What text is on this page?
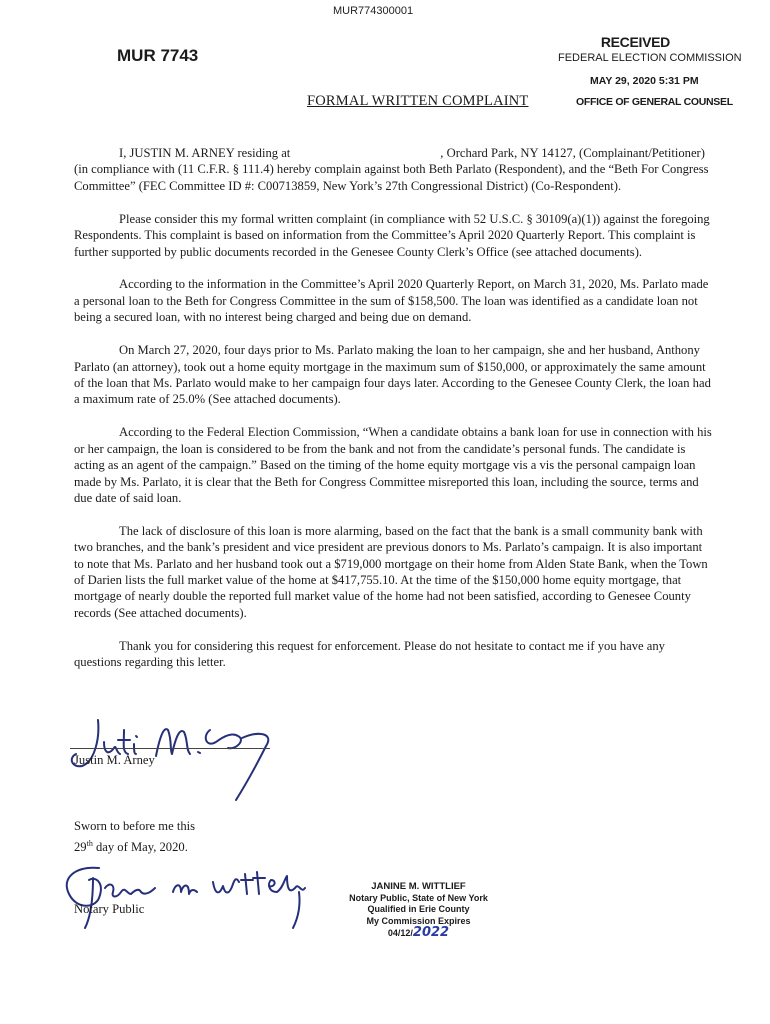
MUR774300001
RECEIVED
FEDERAL ELECTION COMMISSION
MAY 29, 2020 5:31 PM
OFFICE OF GENERAL COUNSEL
MUR 7743
FORMAL WRITTEN COMPLAINT

I, JUSTIN M. ARNEY residing at	, Orchard Park, NY 14127, (Complainant/Petitioner) (in compliance with (11 C.F.R. § 111.4) hereby complain against both Beth Parlato (Respondent), and the “Beth For Congress Committee” (FEC Committee ID #: C00713859, New York’s 27th Congressional District) (Co-Respondent).

Please consider this my formal written complaint (in compliance with 52 U.S.C. § 30109(a)(1)) against the foregoing Respondents. This complaint is based on information from the Committee’s April 2020 Quarterly Report. This complaint is further supported by public documents recorded in the Genesee County Clerk’s Office (see attached documents).

According to the information in the Committee’s April 2020 Quarterly Report, on March 31, 2020, Ms. Parlato made a personal loan to the Beth for Congress Committee in the sum of $158,500. The loan was identified as a candidate loan not being a secured loan, with no interest being charged and being due on demand.

On March 27, 2020, four days prior to Ms. Parlato making the loan to her campaign, she and her husband, Anthony Parlato (an attorney), took out a home equity mortgage in the maximum sum of $150,000, or approximately the same amount of the loan that Ms. Parlato would make to her campaign four days later. According to the Genesee County Clerk, the loan had a maximum rate of 25.0% (See attached documents).

According to the Federal Election Commission, “When a candidate obtains a bank loan for use in connection with his or her campaign, the loan is considered to be from the bank and not from the candidate’s personal funds. The candidate is acting as an agent of the campaign.” Based on the timing of the home equity mortgage vis a vis the personal campaign loan made by Ms. Parlato, it is clear that the Beth for Congress Committee misreported this loan, including the source, terms and due date of said loan.

The lack of disclosure of this loan is more alarming, based on the fact that the bank is a small community bank with two branches, and the bank’s president and vice president are previous donors to Ms. Parlato’s campaign. It is also important to note that Ms. Parlato and her husband took out a $719,000 mortgage on their home from Alden State Bank, when the Town of Darien lists the full market value of the home at $417,755.10. At the time of the $150,000 home equity mortgage, that mortgage of nearly double the reported full market value of the home had not been satisfied, according to Genesee County records (See attached documents).

Thank you for considering this request for enforcement. Please do not hesitate to contact me if you have any questions regarding this letter.

Justin M. Arney
Sworn to before me this
29th day of May, 2020.
Notary Public
JANINE M. WITTLIEF
Notary Public, State of New York
Qualified in Erie County
My Commission Expires 04/12/2022
